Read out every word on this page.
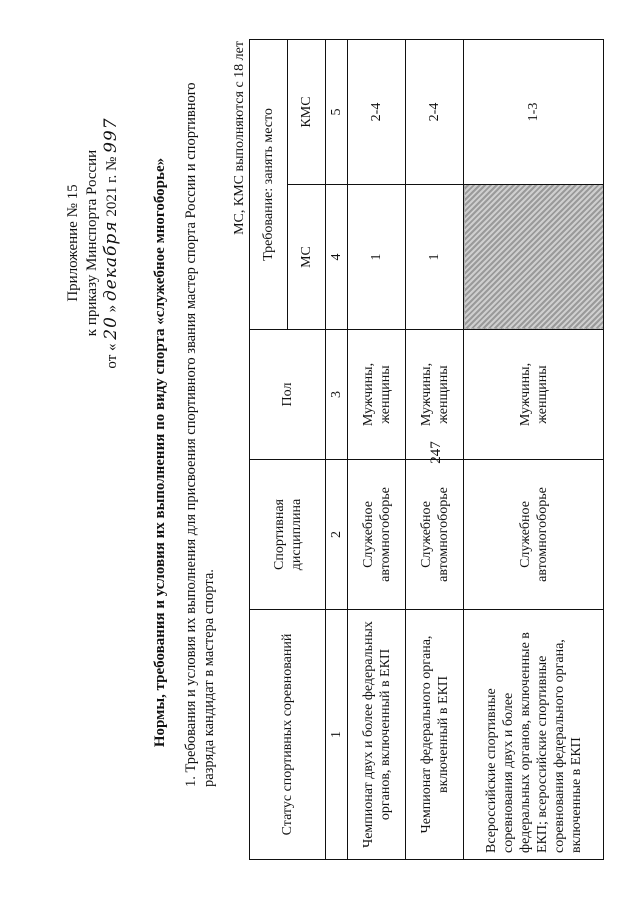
247
Приложение № 15 к приказу Минспорта России
от « 20 » декабря 2021 г. № 997
Нормы, требования и условия их выполнения по виду спорта «служебное многоборье» 1. Требования и условия их выполнения для присвоения спортивного звания мастер спорта России и спортивного разряда кандидат в мастера спорта.
МС, КМС выполняются с 18 лет
Статус спортивных соревнований	Спортивная дисциплина	Пол	Требование: занять место	
			МС	КМС
1	2	3	4	5
Чемпионат двух и более федеральных органов, включенный в ЕКП	Служебное автомногоборье	Мужчины, женщины	1	2-4
Чемпионат федерального органа, включенный в ЕКП	Служебное автомногоборье	Мужчины, женщины	1	2-4
Всероссийские спортивные соревнования двух и более федеральных органов, включенные в ЕКП; всероссийские спортивные соревнования федерального органа, включенные в ЕКП	Служебное автомногоборье	Мужчины, женщины		1-3
